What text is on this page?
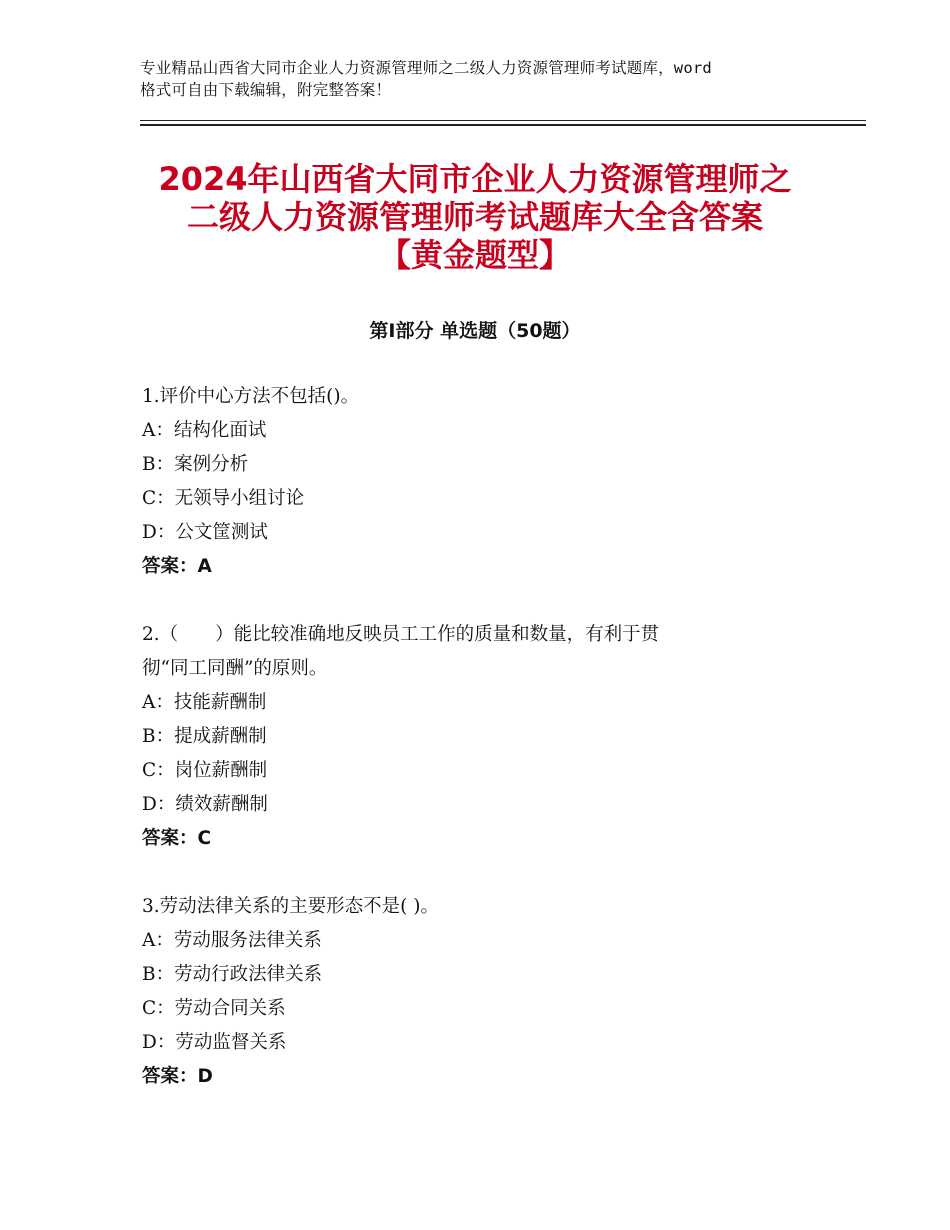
专业精品山西省大同市企业人力资源管理师之二级人力资源管理师考试题库，word
格式可自由下载编辑，附完整答案！
2024年山西省大同市企业人力资源管理师之
二级人力资源管理师考试题库大全含答案
【黄金题型】
第Ⅰ部分 单选题（50题）
1.评价中心方法不包括()。
A：结构化面试
B：案例分析
C：无领导小组讨论
D：公文筐测试
答案：A
2.（　　）能比较准确地反映员工工作的质量和数量，有利于贯
彻“同工同酬”的原则。
A：技能薪酬制
B：提成薪酬制
C：岗位薪酬制
D：绩效薪酬制
答案：C
3.劳动法律关系的主要形态不是( )。
A：劳动服务法律关系
B：劳动行政法律关系
C：劳动合同关系
D：劳动监督关系
答案：D
